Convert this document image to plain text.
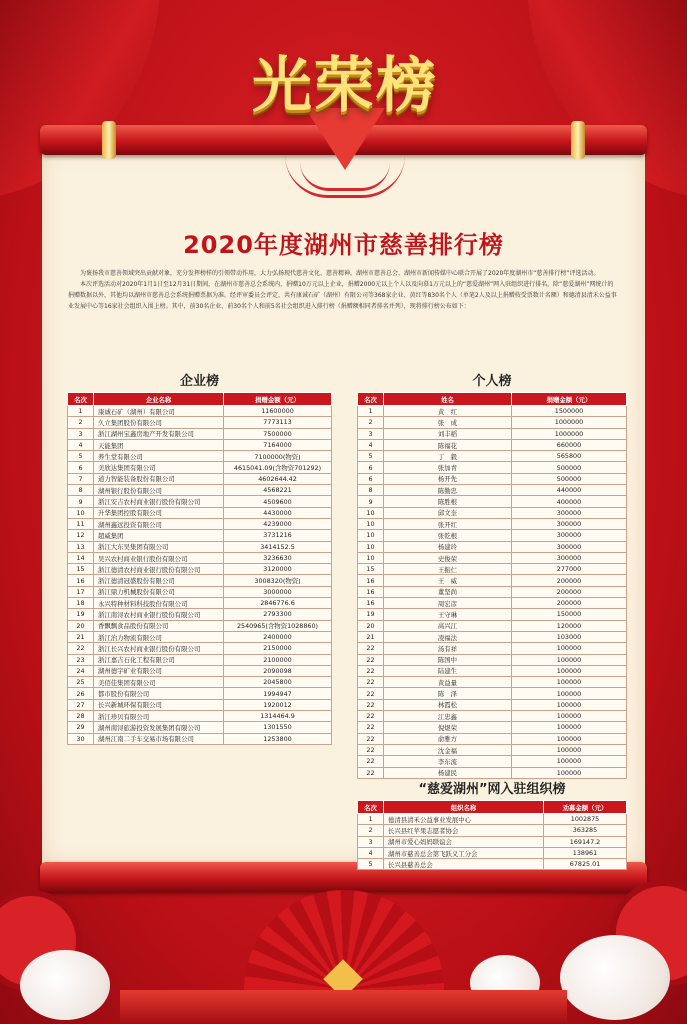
光荣榜
2020年度湖州市慈善排行榜

为褒扬我市慈善领域突出贡献对象，充分发挥榜样的引领带动作用，大力弘扬现代慈善文化、慈善精神，湖州市慈善总会、湖州市新闻传媒中心联合开展了2020年度湖州市“慈善排行榜”评选活动。

本次评选活动对2020年1月1日至12月31日期间，在湖州市慈善总会系统内，捐赠10万元以上企业，捐赠2000元以上个人以及向慕1万元以上的“慈爱湖州”网入驻组织进行排名，除“慈爱湖州”网统计的捐赠数据以外，其他均以湖州市慈善总会系统捐赠票据为准。经评审委员会评定，共有康诚石矿（湖州）有限公司等368家企业、黄红等830名个人（单笔2人及以上捐赠按受票数计名额）和德清县清禾公益事业发展中心等16家社会组织入围上榜。其中，前30名企业、前30名个人和前5名社会组织进入排行榜（捐赠额相同者排名并列），现将排行榜公布如下：

企业榜	个人榜
“慈爱湖州”网入驻组织榜
名次	企业名称	捐赠金额（元）
1	康诚石矿（湖州）有限公司	11600000
2	久立集团股份有限公司	7773113
3	浙江湖州宝鑫房地产开发有限公司	7500000
4	天能集团	7164000
5	养生堂有限公司	7100000(物资)
6	美欣达集团有限公司	4615041.09(含物资701292)
7	道力智能装备股份有限公司	4602644.42
8	湖州银行股份有限公司	4568221
9	浙江安吉农村商业银行股份有限公司	4509600
10	升华集团控股有限公司	4430000
11	湖州鑫远投资有限公司	4239000
12	超威集团	3731216
13	浙江大东吴集团有限公司	3414152.5
14	吴兴农村商业银行股份有限公司	3236630
15	浙江德清农村商业银行股份有限公司	3120000
16	浙江德清冠盛股份有限公司	3008320(物资)
17	浙江鼎力机械股份有限公司	3000000
18	永兴特种材料科技股份有限公司	2846776.6
19	浙江南浔农村商业银行股份有限公司	2793300
20	香飘飘食品股份有限公司	2540965(含物资1028860)
21	浙江治力物流有限公司	2400000
22	浙江长兴农村商业银行股份有限公司	2150000
23	浙江嘉吉石化工程有限公司	2100000
24	湖州德宇矿业有限公司	2090098
25	美佰佳集团有限公司	2045800
26	都市股份有限公司	1994947
27	长兴新城环保有限公司	1920012
28	浙江珍贝有限公司	1314464.9
29	湖州南浔旅游投资发展集团有限公司	1301550
30	湖州江南二手车交易市场有限公司	1253800
名次	姓名	捐赠金额（元）
1	黄　红	1500000
2	张　成	1000000
3	刘丰稻	1000000
4	陈福花	660000
5	丁　毅	565800
6	张加青	500000
6	杨开先	500000
8	陈勤忠	440000
9	陈胜根	400000
10	邱文奎	300000
10	张开红	300000
10	张乾根	300000
10	杨建玲	300000
10	史俊荣	300000
15	王振仁	277000
16	王　威	200000
16	董坚尚	200000
16	周宏彦	200000
19	王守琳	150000
20	高兴江	120000
21	凌福法	103000
22	汤有祥	100000
22	陈国中	100000
22	陆建生	100000
22	黄益量	100000
22	陈　泽	100000
22	林霞松	100000
22	江忠鑫	100000
22	倪煜荣	100000
22	俞雅方	100000
22	沈金福	100000
22	李东流	100000
22	杨建民	100000
名次	组织名称	劝募金额（元）
1	德清县清禾公益事业发展中心	1002875
2	长兴县红苹果志愿者协会	363285
3	湖州市爱心妈妈联谊会	169147.2
4	湖州市慈善总会第飞跃义工分会	138961
5	长兴县慈善总会	67825.01
